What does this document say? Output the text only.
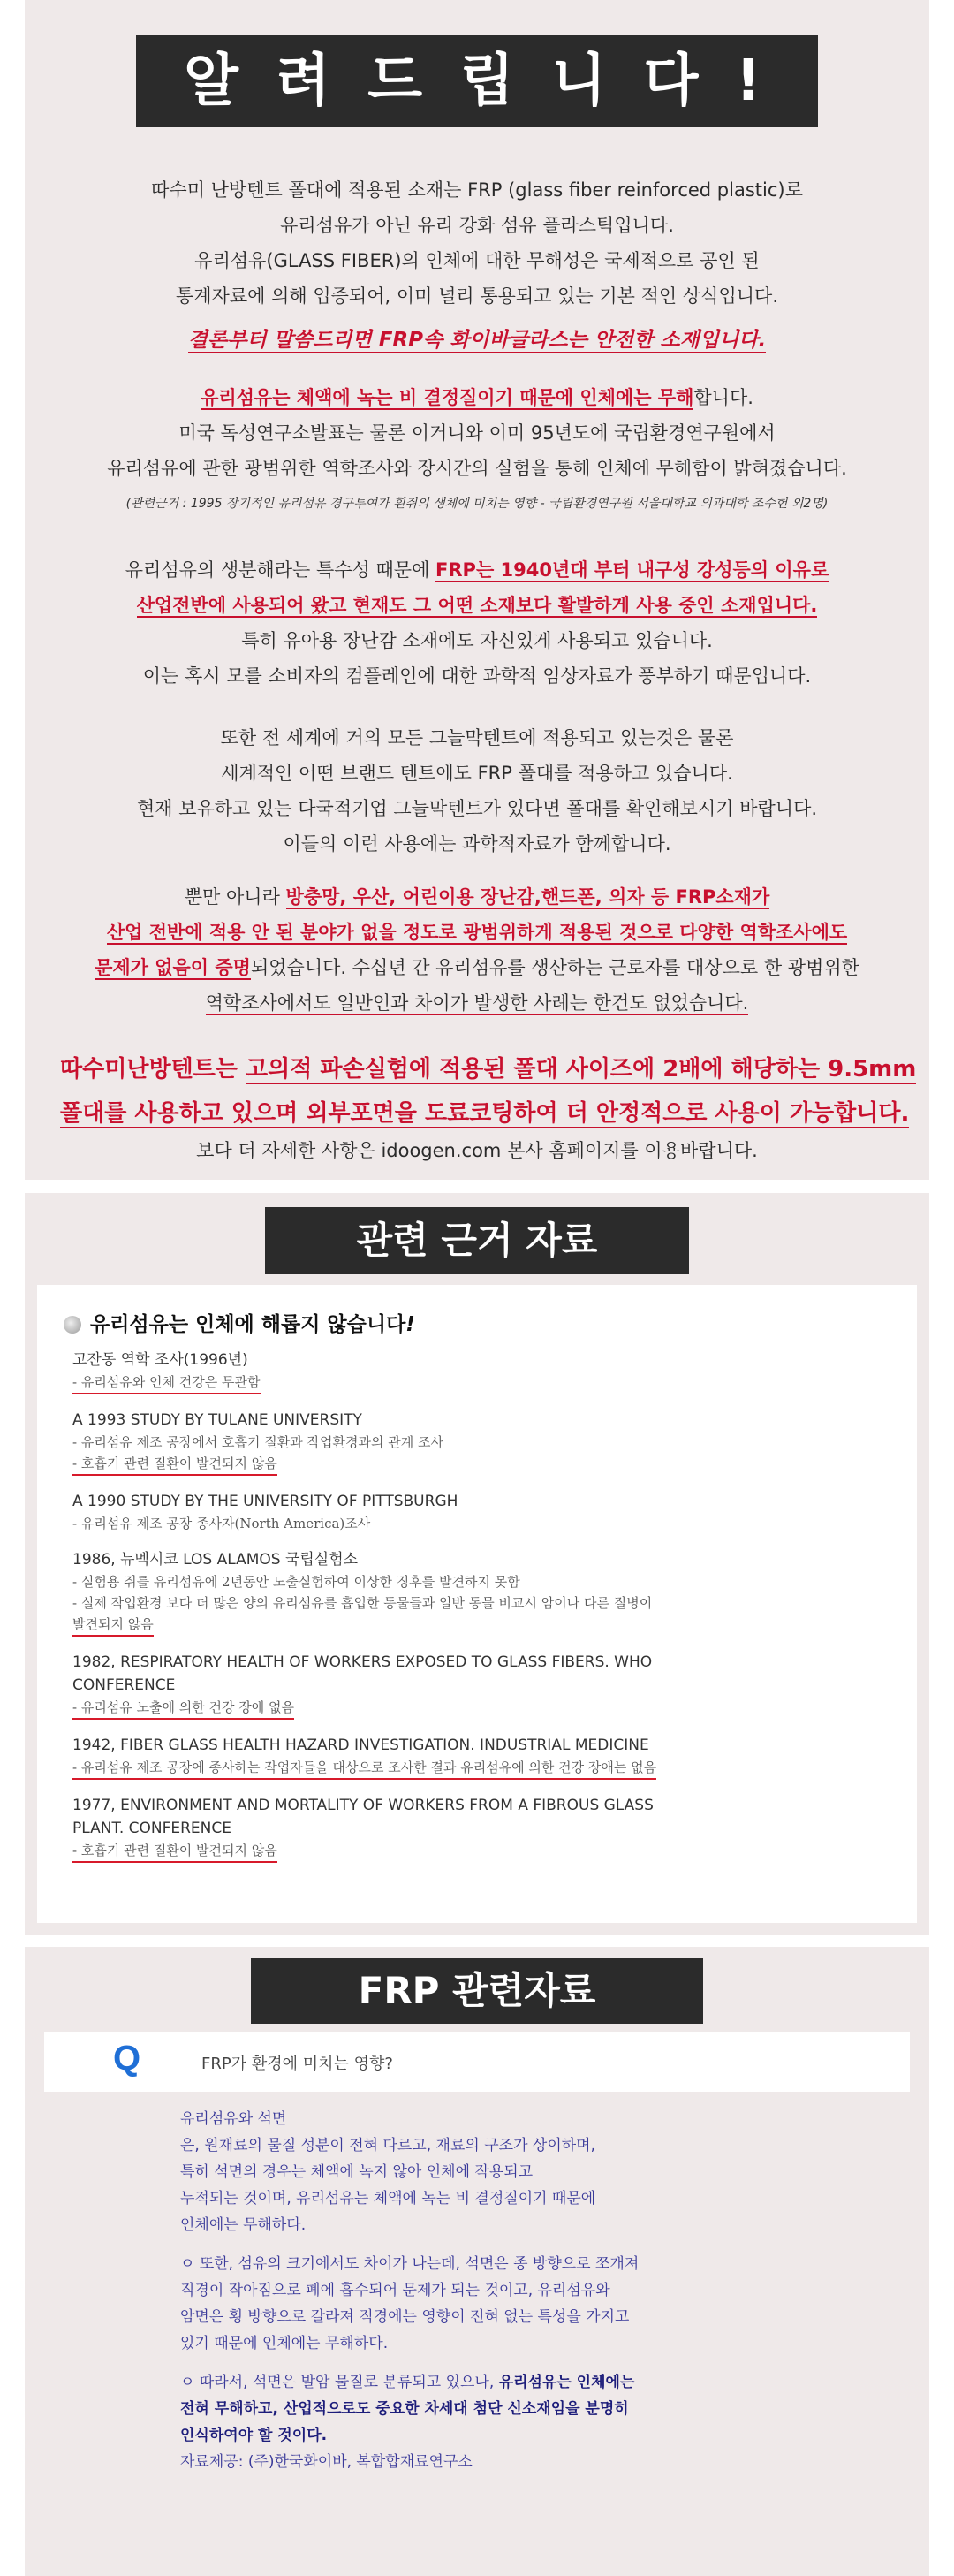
알 려 드 립 니 다 !
따수미 난방텐트 폴대에 적용된 소재는 FRP (glass fiber reinforced plastic)로
유리섬유가 아닌 유리 강화 섬유 플라스틱입니다.
유리섬유(GLASS FIBER)의 인체에 대한 무해성은 국제적으로 공인 된
통계자료에 의해 입증되어, 이미 널리 통용되고 있는 기본 적인 상식입니다.
결론부터 말씀드리면 FRP속 화이바글라스는 안전한 소재입니다.
유리섬유는 체액에 녹는 비 결정질이기 때문에 인체에는 무해합니다.
미국 독성연구소발표는 물론 이거니와 이미 95년도에 국립환경연구원에서
유리섬유에 관한 광범위한 역학조사와 장시간의 실험을 통해 인체에 무해함이 밝혀졌습니다.
(관련근거 : 1995 장기적인 유리섬유 경구투여가 흰쥐의 생체에 미치는 영향 - 국립환경연구원 서울대학교 의과대학 조수헌 외2명)
유리섬유의 생분해라는 특수성 때문에 FRP는 1940년대 부터 내구성 강성등의 이유로
산업전반에 사용되어 왔고 현재도 그 어떤 소재보다 활발하게 사용 중인 소재입니다.
특히 유아용 장난감 소재에도 자신있게 사용되고 있습니다.
이는 혹시 모를 소비자의 컴플레인에 대한 과학적 임상자료가 풍부하기 때문입니다.
또한 전 세계에 거의 모든 그늘막텐트에 적용되고 있는것은 물론
세계적인 어떤 브랜드 텐트에도 FRP 폴대를 적용하고 있습니다.
현재 보유하고 있는 다국적기업 그늘막텐트가 있다면 폴대를 확인해보시기 바랍니다.
이들의 이런 사용에는 과학적자료가 함께합니다.
뿐만 아니라 방충망, 우산, 어린이용 장난감,핸드폰, 의자 등 FRP소재가
산업 전반에 적용 안 된 분야가 없을 정도로 광범위하게 적용된 것으로 다양한 역학조사에도
문제가 없음이 증명되었습니다. 수십년 간 유리섬유를 생산하는 근로자를 대상으로 한 광범위한
역학조사에서도 일반인과 차이가 발생한 사례는 한건도 없었습니다.
따수미난방텐트는 고의적 파손실험에 적용된 폴대 사이즈에 2배에 해당하는 9.5mm
폴대를 사용하고 있으며 외부포면을 도료코팅하여 더 안정적으로 사용이 가능합니다.
보다 더 자세한 사항은 idoogen.com 본사 홈페이지를 이용바랍니다.
관련 근거 자료
유리섬유는 인체에 해롭지 않습니다!
고잔동 역학 조사(1996년)
- 유리섬유와 인체 건강은 무관함
A 1993 STUDY BY TULANE UNIVERSITY
- 유리섬유 제조 공장에서 호흡기 질환과 작업환경과의 관계 조사
- 호흡기 관련 질환이 발견되지 않음
A 1990 STUDY BY THE UNIVERSITY OF PITTSBURGH
- 유리섬유 제조 공장 종사자(North America)조사
1986, 뉴멕시코 LOS ALAMOS 국립실험소
- 실험용 쥐를 유리섬유에 2년동안 노출실험하여 이상한 징후를 발견하지 못함
- 실제 작업환경 보다 더 많은 양의 유리섬유를 흡입한 동물들과 일반 동물 비교시 암이나 다른 질병이
발견되지 않음
1982, RESPIRATORY HEALTH OF WORKERS EXPOSED TO GLASS FIBERS. WHO
CONFERENCE
- 유리섬유 노출에 의한 건강 장애 없음
1942, FIBER GLASS HEALTH HAZARD INVESTIGATION. INDUSTRIAL MEDICINE
- 유리섬유 제조 공장에 종사하는 작업자들을 대상으로 조사한 결과 유리섬유에 의한 건강 장애는 없음
1977, ENVIRONMENT AND MORTALITY OF WORKERS FROM A FIBROUS GLASS
PLANT. CONFERENCE
- 호흡기 관련 질환이 발견되지 않음
FRP 관련자료
Q	FRP가 환경에 미치는 영향?
유리섬유와 석면
은, 원재료의 물질 성분이 전혀 다르고, 재료의 구조가 상이하며,
특히 석면의 경우는 체액에 녹지 않아 인체에 작용되고
누적되는 것이며, 유리섬유는 체액에 녹는 비 결정질이기 때문에
인체에는 무해하다.
ㅇ 또한, 섬유의 크기에서도 차이가 나는데, 석면은 종 방향으로 쪼개져
직경이 작아짐으로 폐에 흡수되어 문제가 되는 것이고, 유리섬유와
암면은 횡 방향으로 갈라져 직경에는 영향이 전혀 없는 특성을 가지고
있기 때문에 인체에는 무해하다.
ㅇ 따라서, 석면은 발암 물질로 분류되고 있으나, 유리섬유는 인체에는
전혀 무해하고, 산업적으로도 중요한 차세대 첨단 신소재임을 분명히
인식하여야 할 것이다.
자료제공: (주)한국화이바, 복합합재료연구소
